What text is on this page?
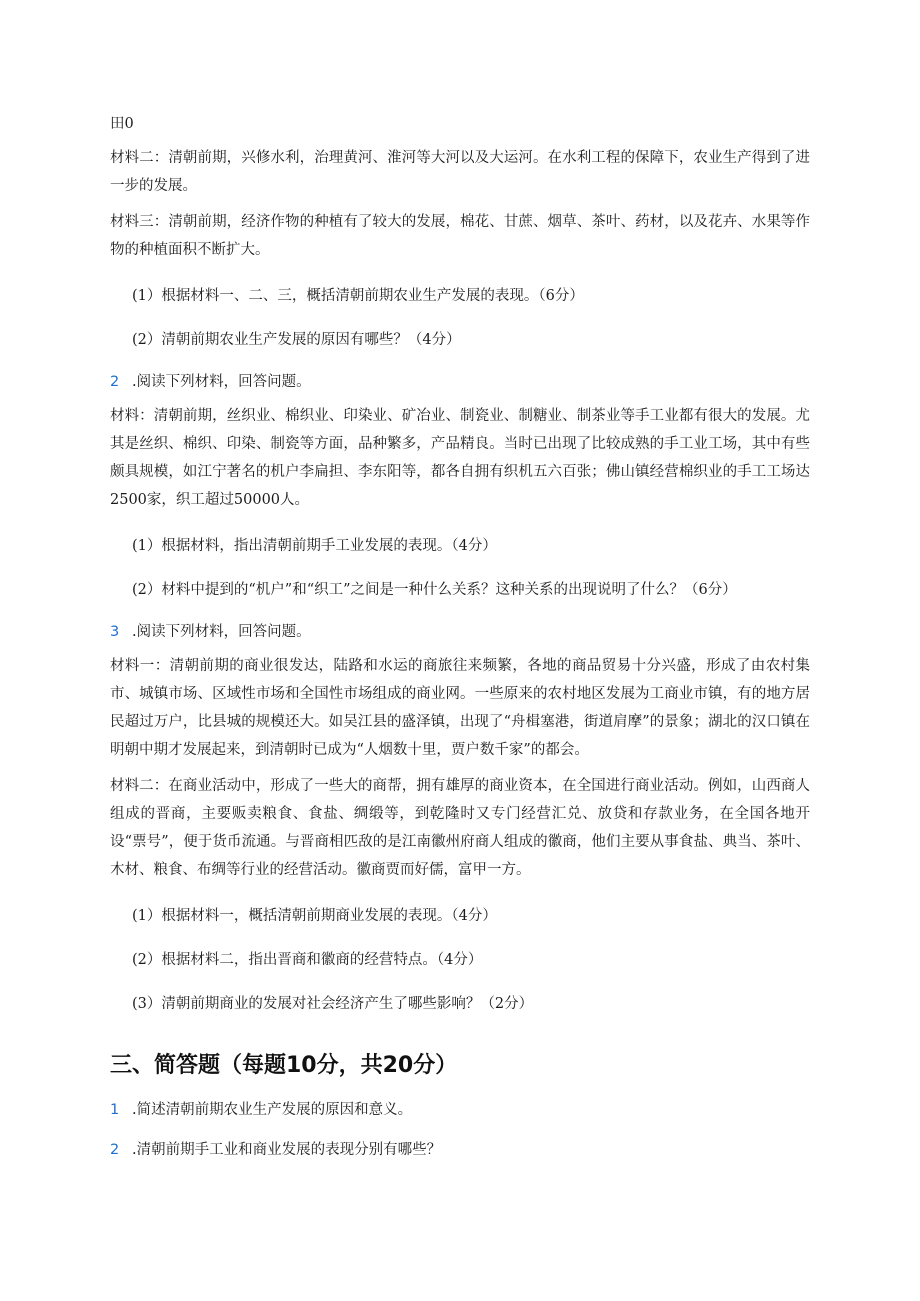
田0

材料二：清朝前期，兴修水利，治理黄河、淮河等大河以及大运河。在水利工程的保障下，农业生产得到了进一步的发展。

材料三：清朝前期，经济作物的种植有了较大的发展，棉花、甘蔗、烟草、茶叶、药材，以及花卉、水果等作物的种植面积不断扩大。

(1）根据材料一、二、三，概括清朝前期农业生产发展的表现。（6分）

(2）清朝前期农业生产发展的原因有哪些？（4分）

2 .阅读下列材料，回答问题。

材料：清朝前期，丝织业、棉织业、印染业、矿冶业、制瓷业、制糖业、制茶业等手工业都有很大的发展。尤其是丝织、棉织、印染、制瓷等方面，品种繁多，产品精良。当时已出现了比较成熟的手工业工场，其中有些颇具规模，如江宁著名的机户李扁担、李东阳等，都各自拥有织机五六百张；佛山镇经营棉织业的手工工场达2500家，织工超过50000人。

(1）根据材料，指出清朝前期手工业发展的表现。（4分）

(2）材料中提到的“机户”和“织工”之间是一种什么关系？这种关系的出现说明了什么？（6分）

3 .阅读下列材料，回答问题。

材料一：清朝前期的商业很发达，陆路和水运的商旅往来频繁，各地的商品贸易十分兴盛，形成了由农村集市、城镇市场、区域性市场和全国性市场组成的商业网。一些原来的农村地区发展为工商业市镇，有的地方居民超过万户，比县城的规模还大。如吴江县的盛泽镇，出现了“舟楫塞港，街道肩摩”的景象；湖北的汉口镇在明朝中期才发展起来，到清朝时已成为“人烟数十里，贾户数千家”的都会。

材料二：在商业活动中，形成了一些大的商帮，拥有雄厚的商业资本，在全国进行商业活动。例如，山西商人组成的晋商，主要贩卖粮食、食盐、绸缎等，到乾隆时又专门经营汇兑、放贷和存款业务，在全国各地开设“票号”，便于货币流通。与晋商相匹敌的是江南徽州府商人组成的徽商，他们主要从事食盐、典当、茶叶、木材、粮食、布绸等行业的经营活动。徽商贾而好儒，富甲一方。

(1）根据材料一，概括清朝前期商业发展的表现。（4分）

(2）根据材料二，指出晋商和徽商的经营特点。（4分）

(3）清朝前期商业的发展对社会经济产生了哪些影响？（2分）

三、简答题（每题10分，共20分）

1 .简述清朝前期农业生产发展的原因和意义。

2 .清朝前期手工业和商业发展的表现分别有哪些？
